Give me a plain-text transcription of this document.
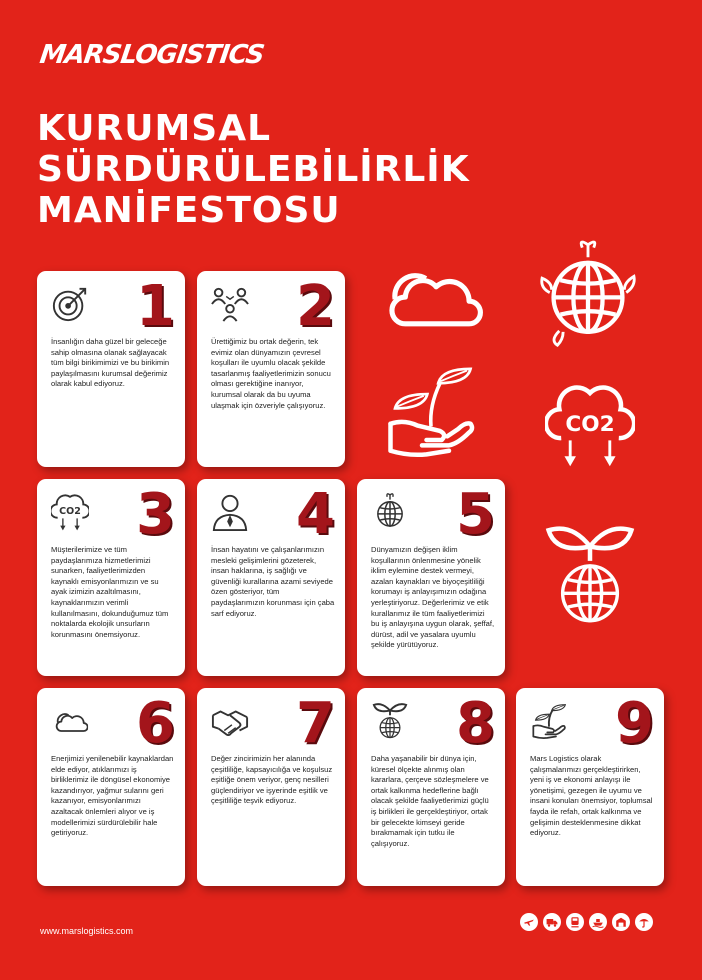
MARSLOGISTICS
KURUMSAL
SÜRDÜRÜLEBİLİRLİK
MANİFESTOSU
CO2
1
İnsanlığın daha güzel bir geleceğe sahip olmasına olanak sağlayacak tüm bilgi birikimimizi ve bu birikimin paylaşılmasını kurumsal değerimiz olarak kabul ediyoruz.
2
Ürettiğimiz bu ortak değerin, tek evimiz olan dünyamızın çevresel koşulları ile uyumlu olacak şekilde tasarlanmış faaliyetlerimizin sonucu olması gerektiğine inanıyor, kurumsal olarak da bu uyuma ulaşmak için özveriyle çalışıyoruz.
CO2 3
Müşterilerimize ve tüm paydaşlarımıza hizmetlerimizi sunarken, faaliyetlerimizden kaynaklı emisyonlarımızın ve su ayak izimizin azaltılmasını, kaynaklarımızın verimli kullanılmasını, dokunduğumuz tüm noktalarda ekolojik unsurların korunmasını önemsiyoruz.
4
İnsan hayatını ve çalışanlarımızın mesleki gelişimlerini gözeterek, insan haklarına, iş sağlığı ve güvenliği kurallarına azami seviyede özen gösteriyor, tüm paydaşlarımızın korunması için çaba sarf ediyoruz.
5
Dünyamızın değişen iklim koşullarının önlenmesine yönelik iklim eylemine destek vermeyi, azalan kaynakları ve biyoçeşitliliği korumayı iş anlayışımızın odağına yerleştiriyoruz. Değerlerimiz ve etik kurallarımız ile tüm faaliyetlerimizi bu iş anlayışına uygun olarak, şeffaf, dürüst, adil ve yasalara uyumlu şekilde yürütüyoruz.
6
Enerjimizi yenilenebilir kaynaklardan elde ediyor, atıklarımızı iş birliklerimiz ile döngüsel ekonomiye kazandırıyor, yağmur sularını geri kazanıyor, emisyonlarımızı azaltacak önlemleri alıyor ve iş modellerimizi sürdürülebilir hale getiriyoruz.
7
Değer zincirimizin her alanında çeşitliliğe, kapsayıcılığa ve koşulsuz eşitliğe önem veriyor, genç nesilleri güçlendiriyor ve işyerinde eşitlik ve çeşitliliğe teşvik ediyoruz.
8
Daha yaşanabilir bir dünya için, küresel ölçekte alınmış olan kararlara, çerçeve sözleşmelere ve ortak kalkınma hedeflerine bağlı olacak şekilde faaliyetlerimizi güçlü iş birlikleri ile gerçekleştiriyor, ortak bir gelecekte kimseyi geride bırakmamak için tutku ile çalışıyoruz.
9
Mars Logistics olarak çalışmalarımızı gerçekleştirirken, yeni iş ve ekonomi anlayışı ile yönetişimi, gezegen ile uyumu ve insani konuları önemsiyor, toplumsal fayda ile refah, ortak kalkınma ve gelişimin desteklenmesine dikkat ediyoruz.
www.marslogistics.com
